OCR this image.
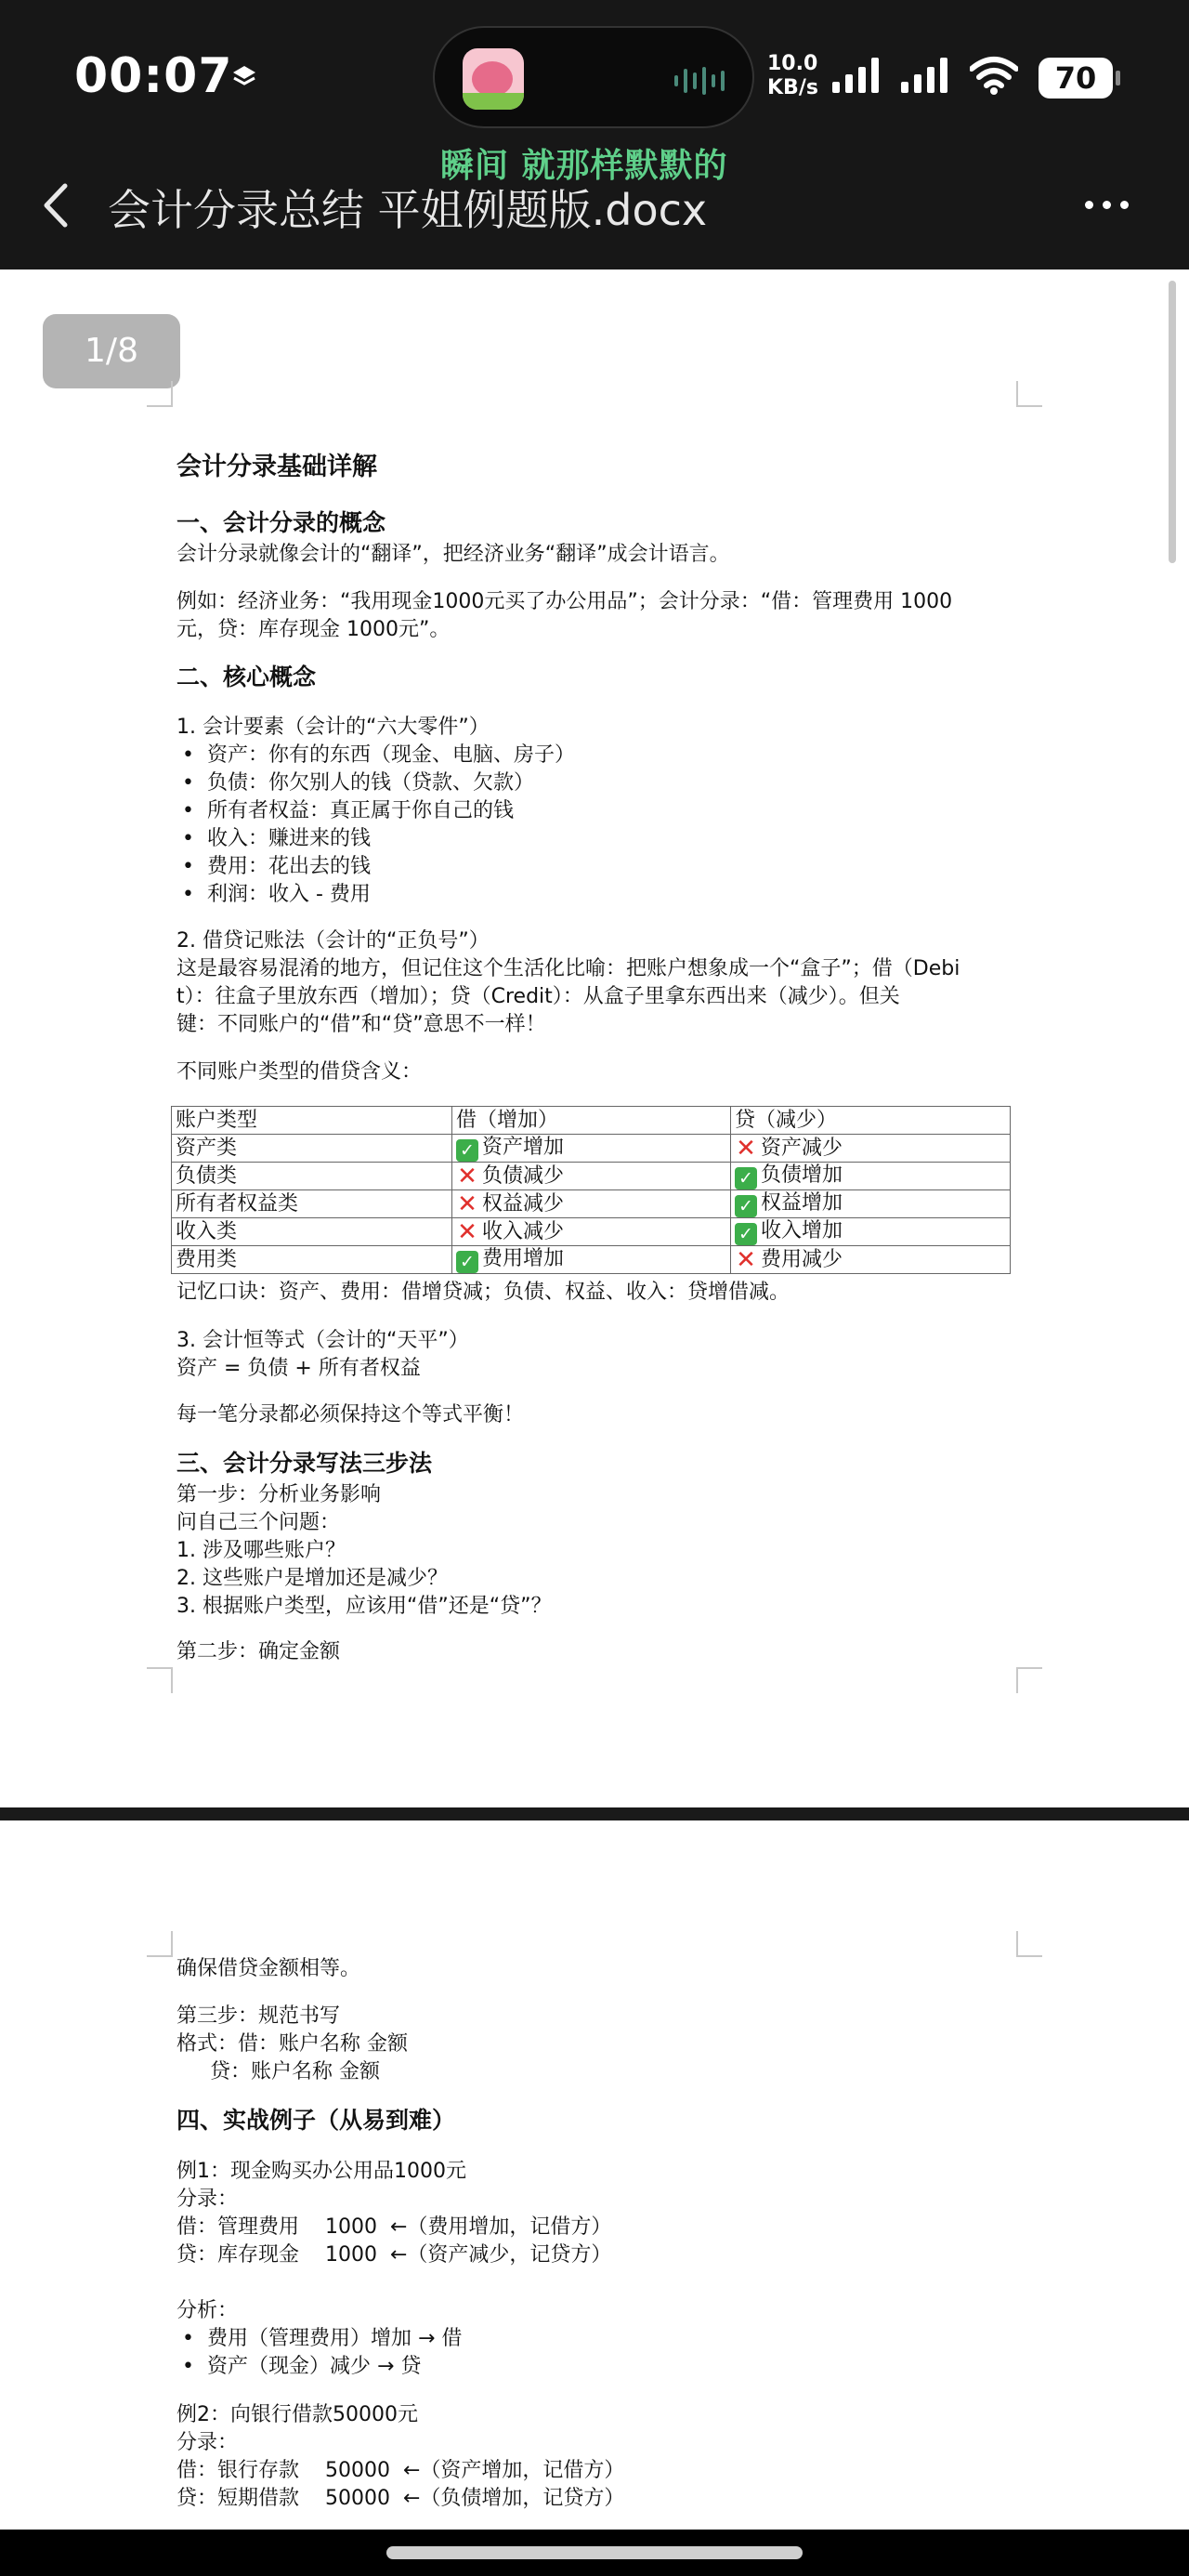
00:07	10.0
KB/s	70
瞬间 就那样默默的
会计分录总结 平姐例题版.docx
1/8
会计分录基础详解
一、会计分录的概念
会计分录就像会计的“翻译”，把经济业务“翻译”成会计语言。
例如：经济业务：“我用现金1000元买了办公用品”；会计分录：“借：管理费用 1000
元，贷：库存现金 1000元”。
二、核心概念
1. 会计要素（会计的“六大零件”）
•  资产：你有的东西（现金、电脑、房子）
•  负债：你欠别人的钱（贷款、欠款）
•  所有者权益：真正属于你自己的钱
•  收入：赚进来的钱
•  费用：花出去的钱
•  利润：收入 - 费用
2. 借贷记账法（会计的“正负号”）
这是最容易混淆的地方，但记住这个生活化比喻：把账户想象成一个“盒子”；借（Debi
t）：往盒子里放东西（增加）；贷（Credit）：从盒子里拿东西出来（减少）。但关
键：不同账户的“借”和“贷”意思不一样！
不同账户类型的借贷含义：
账户类型	借（增加）	贷（减少）
资产类	✓ 资产增加	✕ 资产减少
负债类	✕ 负债减少	✓ 负债增加
所有者权益类	✕ 权益减少	✓ 权益增加
收入类	✕ 收入减少	✓ 收入增加
费用类	✓ 费用增加	✕ 费用减少
记忆口诀：资产、费用：借增贷减；负债、权益、收入：贷增借减。
3. 会计恒等式（会计的“天平”）
资产 = 负债 + 所有者权益
每一笔分录都必须保持这个等式平衡！
三、会计分录写法三步法
第一步：分析业务影响
问自己三个问题：
1. 涉及哪些账户？
2. 这些账户是增加还是减少？
3. 根据账户类型，应该用“借”还是“贷”？
第二步：确定金额
确保借贷金额相等。
第三步：规范书写
格式：借：账户名称 金额
贷：账户名称 金额
四、实战例子（从易到难）
例1：现金购买办公用品1000元
分录：
借：管理费用    1000  ←（费用增加，记借方）
贷：库存现金    1000  ←（资产减少，记贷方）
分析：
•  费用（管理费用）增加 → 借
•  资产（现金）减少 → 贷
例2：向银行借款50000元
分录：
借：银行存款    50000  ←（资产增加，记借方）
贷：短期借款    50000  ←（负债增加，记贷方）
